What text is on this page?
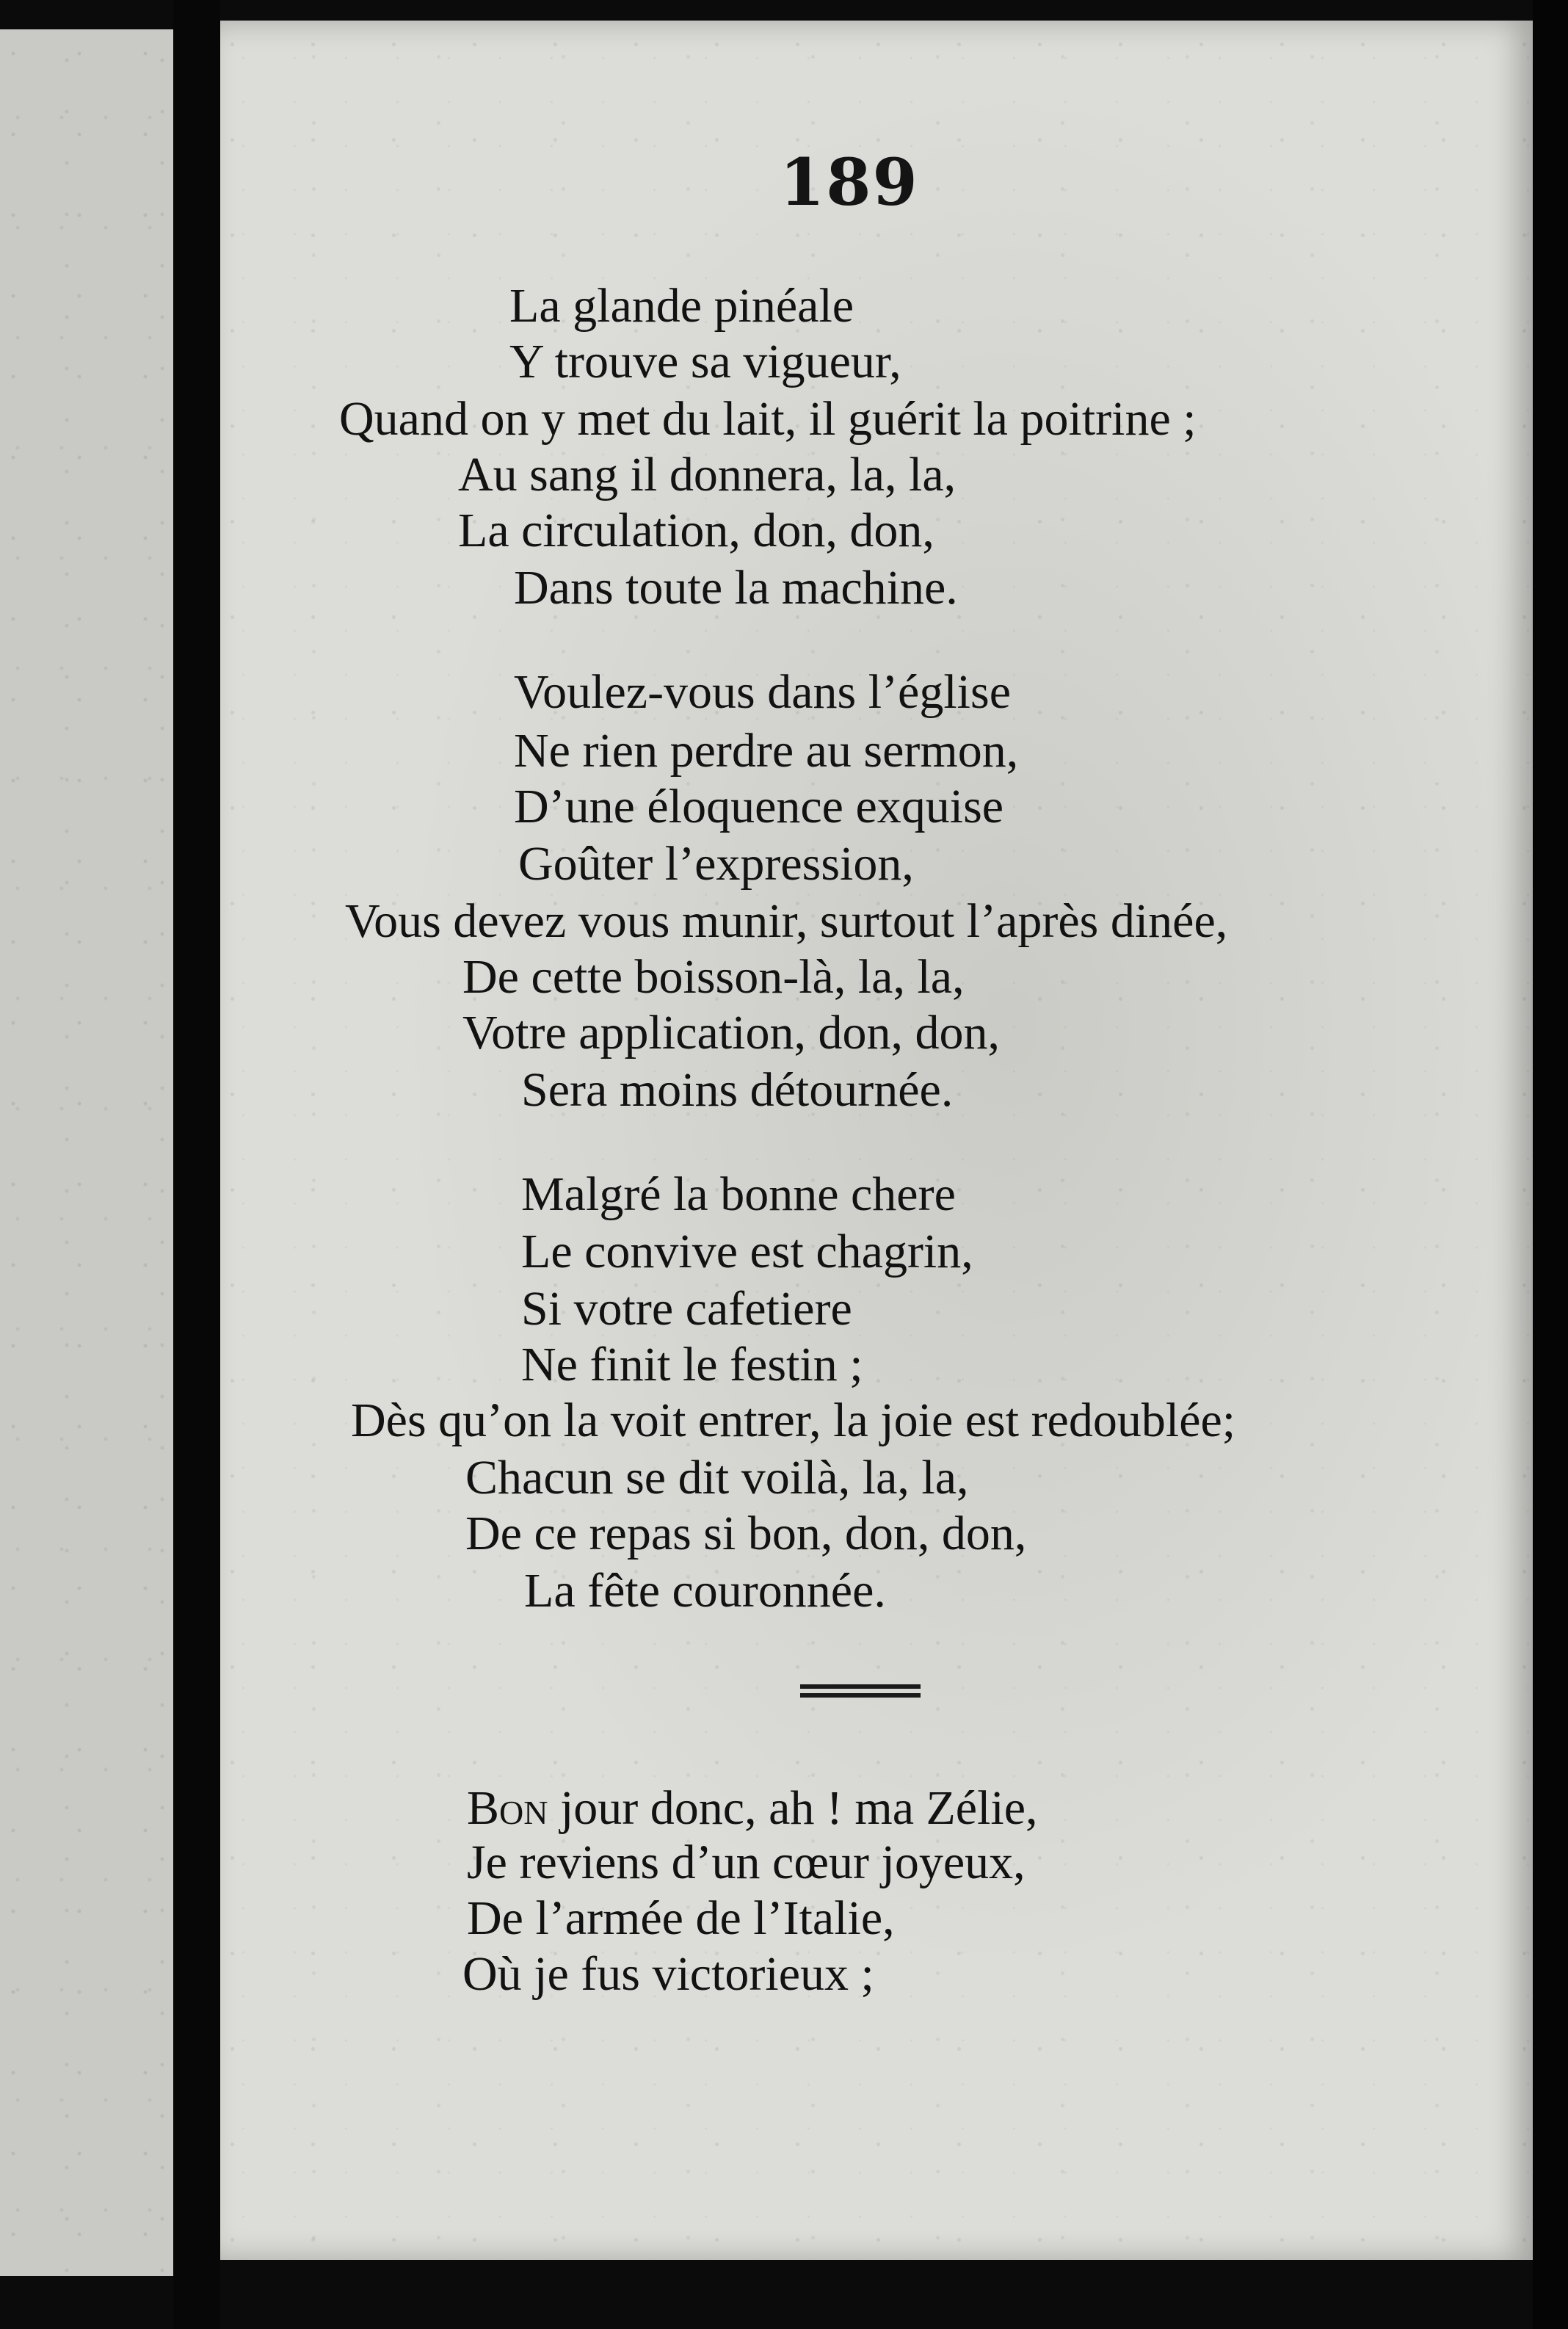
189
La glande pinéale
Y trouve sa vigueur,
Quand on y met du lait, il guérit la poitrine ;
Au sang il donnera, la, la,
La circulation, don, don,
Dans toute la machine.
Voulez-vous dans l’église
Ne rien perdre au sermon,
D’une éloquence exquise
Goûter l’expression,
Vous devez vous munir, surtout l’après dinée,
De cette boisson-là, la, la,
Votre application, don, don,
Sera moins détournée.
Malgré la bonne chere
Le convive est chagrin,
Si votre cafetiere
Ne finit le festin ;
Dès qu’on la voit entrer, la joie est redoublée;
Chacun se dit voilà, la, la,
De ce repas si bon, don, don,
La fête couronnée.
Bon jour donc, ah ! ma Zélie,
Je reviens d’un cœur joyeux,
De l’armée de l’Italie,
Où je fus victorieux ;
